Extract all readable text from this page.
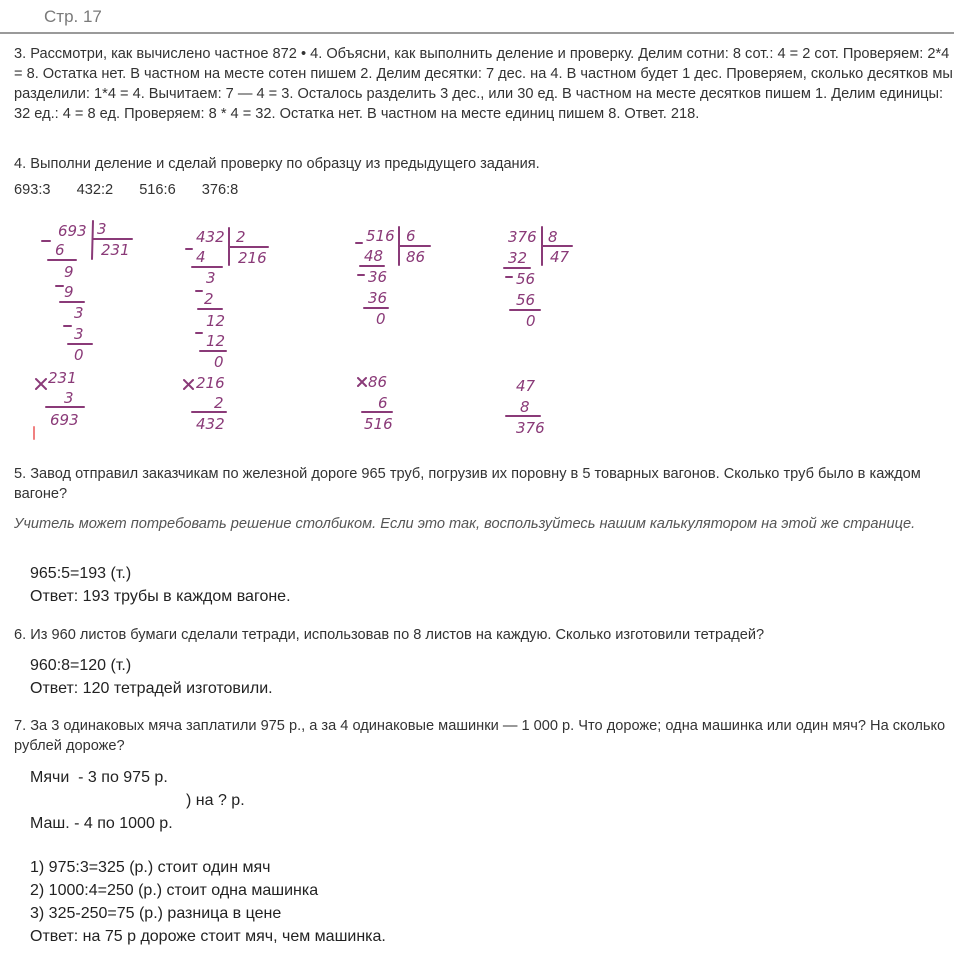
Стр. 17

3. Рассмотри, как вычислено частное 872 • 4. Объясни, как выполнить деление и проверку. Делим сотни: 8 сот.: 4 = 2 сот. Проверяем: 2*4 = 8. Остатка нет. В частном на месте сотен пишем 2. Делим десятки: 7 дес. на 4. В частном будет 1 дес. Проверяем, сколько десятков мы разделили: 1*4 = 4. Вычитаем: 7 — 4 = 3. Осталось разделить 3 дес., или 30 ед. В частном на месте десятков пишем 1. Делим единицы: 32 ед.: 4 = 8 ед. Проверяем: 8 * 4 = 32. Остатка нет. В частном на месте единиц пишем 8. Ответ. 218.

4. Выполни деление и сделай проверку по образцу из предыдущего задания.

693:3 432:2 516:6 376:8
693 3
231
6
9
9
3
3
0
231
3
693
432 2
216
4
3
2
12
12
0
216
2
432
516 6
86
48
36
36
0
86
6
516
376 8
47
32
56
56
0
47
8
376

5. Завод отправил заказчикам по железной дороге 965 труб, погрузив их поровну в 5 товарных вагонов. Сколько труб было в каждом вагоне?

Учитель может потребовать решение столбиком. Если это так, воспользуйтесь нашим калькулятором на этой же странице.

965:5=193 (т.)
Ответ: 193 трубы в каждом вагоне.

6. Из 960 листов бумаги сделали тетради, использовав по 8 листов на каждую. Сколько изготовили тетрадей?

960:8=120 (т.)
Ответ: 120 тетрадей изготовили.

7. За 3 одинаковых мяча заплатили 975 р., а за 4 одинаковые машинки — 1 000 р. Что дороже; одна машинка или один мяч? На сколько рублей дороже?

Мячи  - 3 по 975 р.
) на ? р.
Маш. - 4 по 1000 р.
1) 975:3=325 (р.) стоит один мяч
2) 1000:4=250 (р.) стоит одна машинка
3) 325-250=75 (р.) разница в цене
Ответ: на 75 р дороже стоит мяч, чем машинка.
